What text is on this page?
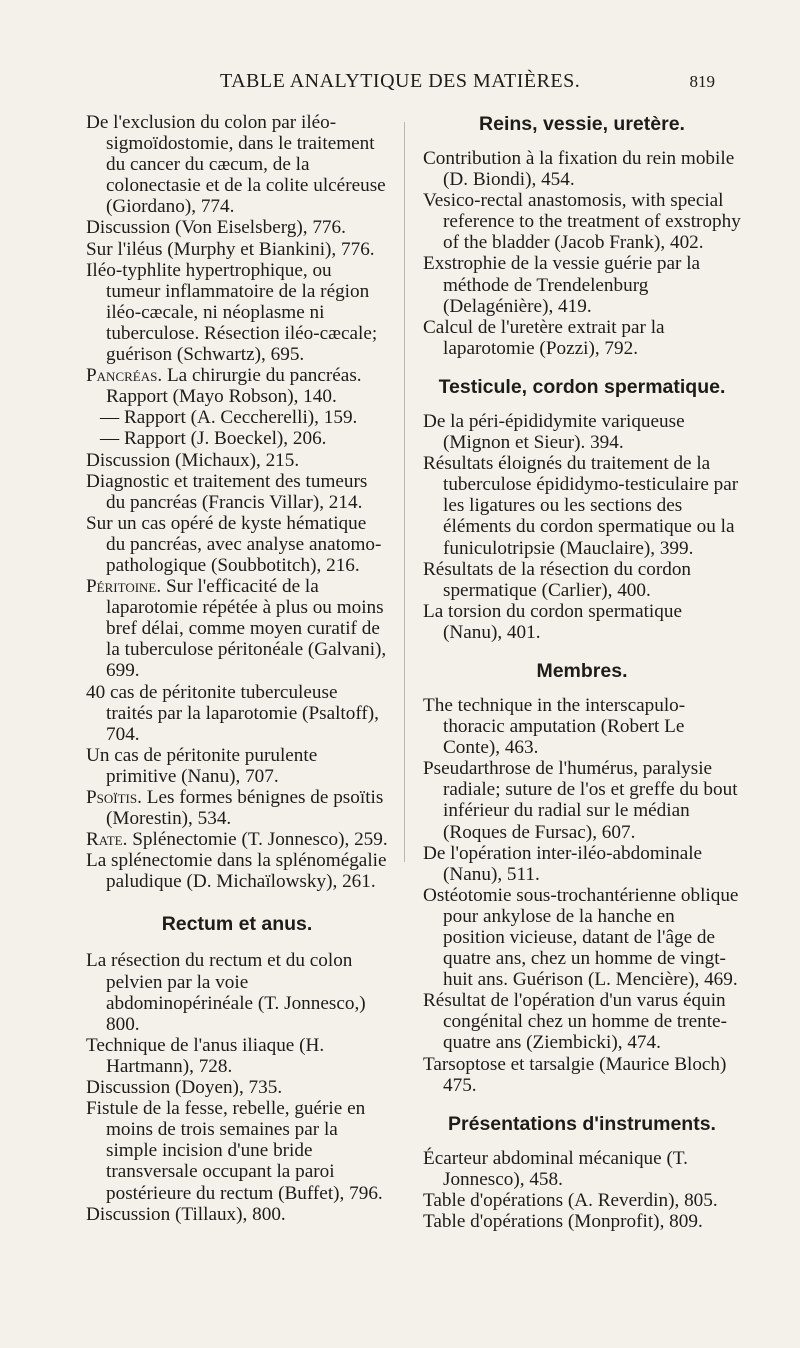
TABLE ANALYTIQUE DES MATIÈRES.	819

De l'exclusion du colon par iléo-sigmoïdostomie, dans le traitement du cancer du cæcum, de la colonectasie et de la colite ulcéreuse (Giordano), 774.

Discussion (Von Eiselsberg), 776.

Sur l'iléus (Murphy et Biankini), 776.

Iléo-typhlite hypertrophique, ou tumeur inflammatoire de la région iléo-cæcale, ni néoplasme ni tuberculose. Résection iléo-cæcale; guérison (Schwartz), 695.

Pancréas. La chirurgie du pancréas. Rapport (Mayo Robson), 140.

— Rapport (A. Ceccherelli), 159.

— Rapport (J. Boeckel), 206.

Discussion (Michaux), 215.

Diagnostic et traitement des tumeurs du pancréas (Francis Villar), 214.

Sur un cas opéré de kyste hématique du pancréas, avec analyse anatomo-pathologique (Soubbotitch), 216.

Péritoine. Sur l'efficacité de la laparotomie répétée à plus ou moins bref délai, comme moyen curatif de la tuberculose péritonéale (Galvani), 699.

40 cas de péritonite tuberculeuse traités par la laparotomie (Psaltoff), 704.

Un cas de péritonite purulente primitive (Nanu), 707.

Psoïtis. Les formes bénignes de psoïtis (Morestin), 534.

Rate. Splénectomie (T. Jonnesco), 259.

La splénectomie dans la splénomégalie paludique (D. Michaïlowsky), 261.

Rectum et anus.

La résection du rectum et du colon pelvien par la voie abdominopérinéale (T. Jonnesco,) 800.

Technique de l'anus iliaque (H. Hartmann), 728.

Discussion (Doyen), 735.

Fistule de la fesse, rebelle, guérie en moins de trois semaines par la simple incision d'une bride transversale occupant la paroi postérieure du rectum (Buffet), 796.

Discussion (Tillaux), 800.

Reins, vessie, uretère.

Contribution à la fixation du rein mobile (D. Biondi), 454.

Vesico-rectal anastomosis, with special reference to the treatment of exstrophy of the bladder (Jacob Frank), 402.

Exstrophie de la vessie guérie par la méthode de Trendelenburg (Delagénière), 419.

Calcul de l'uretère extrait par la laparotomie (Pozzi), 792.

Testicule, cordon spermatique.

De la péri-épididymite variqueuse (Mignon et Sieur). 394.

Résultats éloignés du traitement de la tuberculose épididymo-testiculaire par les ligatures ou les sections des éléments du cordon spermatique ou la funiculotripsie (Mauclaire), 399.

Résultats de la résection du cordon spermatique (Carlier), 400.

La torsion du cordon spermatique (Nanu), 401.

Membres.

The technique in the interscapulo-thoracic amputation (Robert Le Conte), 463.

Pseudarthrose de l'humérus, paralysie radiale; suture de l'os et greffe du bout inférieur du radial sur le médian (Roques de Fursac), 607.

De l'opération inter-iléo-abdominale (Nanu), 511.

Ostéotomie sous-trochantérienne oblique pour ankylose de la hanche en position vicieuse, datant de l'âge de quatre ans, chez un homme de vingt-huit ans. Guérison (L. Mencière), 469.

Résultat de l'opération d'un varus équin congénital chez un homme de trente-quatre ans (Ziembicki), 474.

Tarsoptose et tarsalgie (Maurice Bloch) 475.

Présentations d'instruments.

Écarteur abdominal mécanique (T. Jonnesco), 458.

Table d'opérations (A. Reverdin), 805.

Table d'opérations (Monprofit), 809.
